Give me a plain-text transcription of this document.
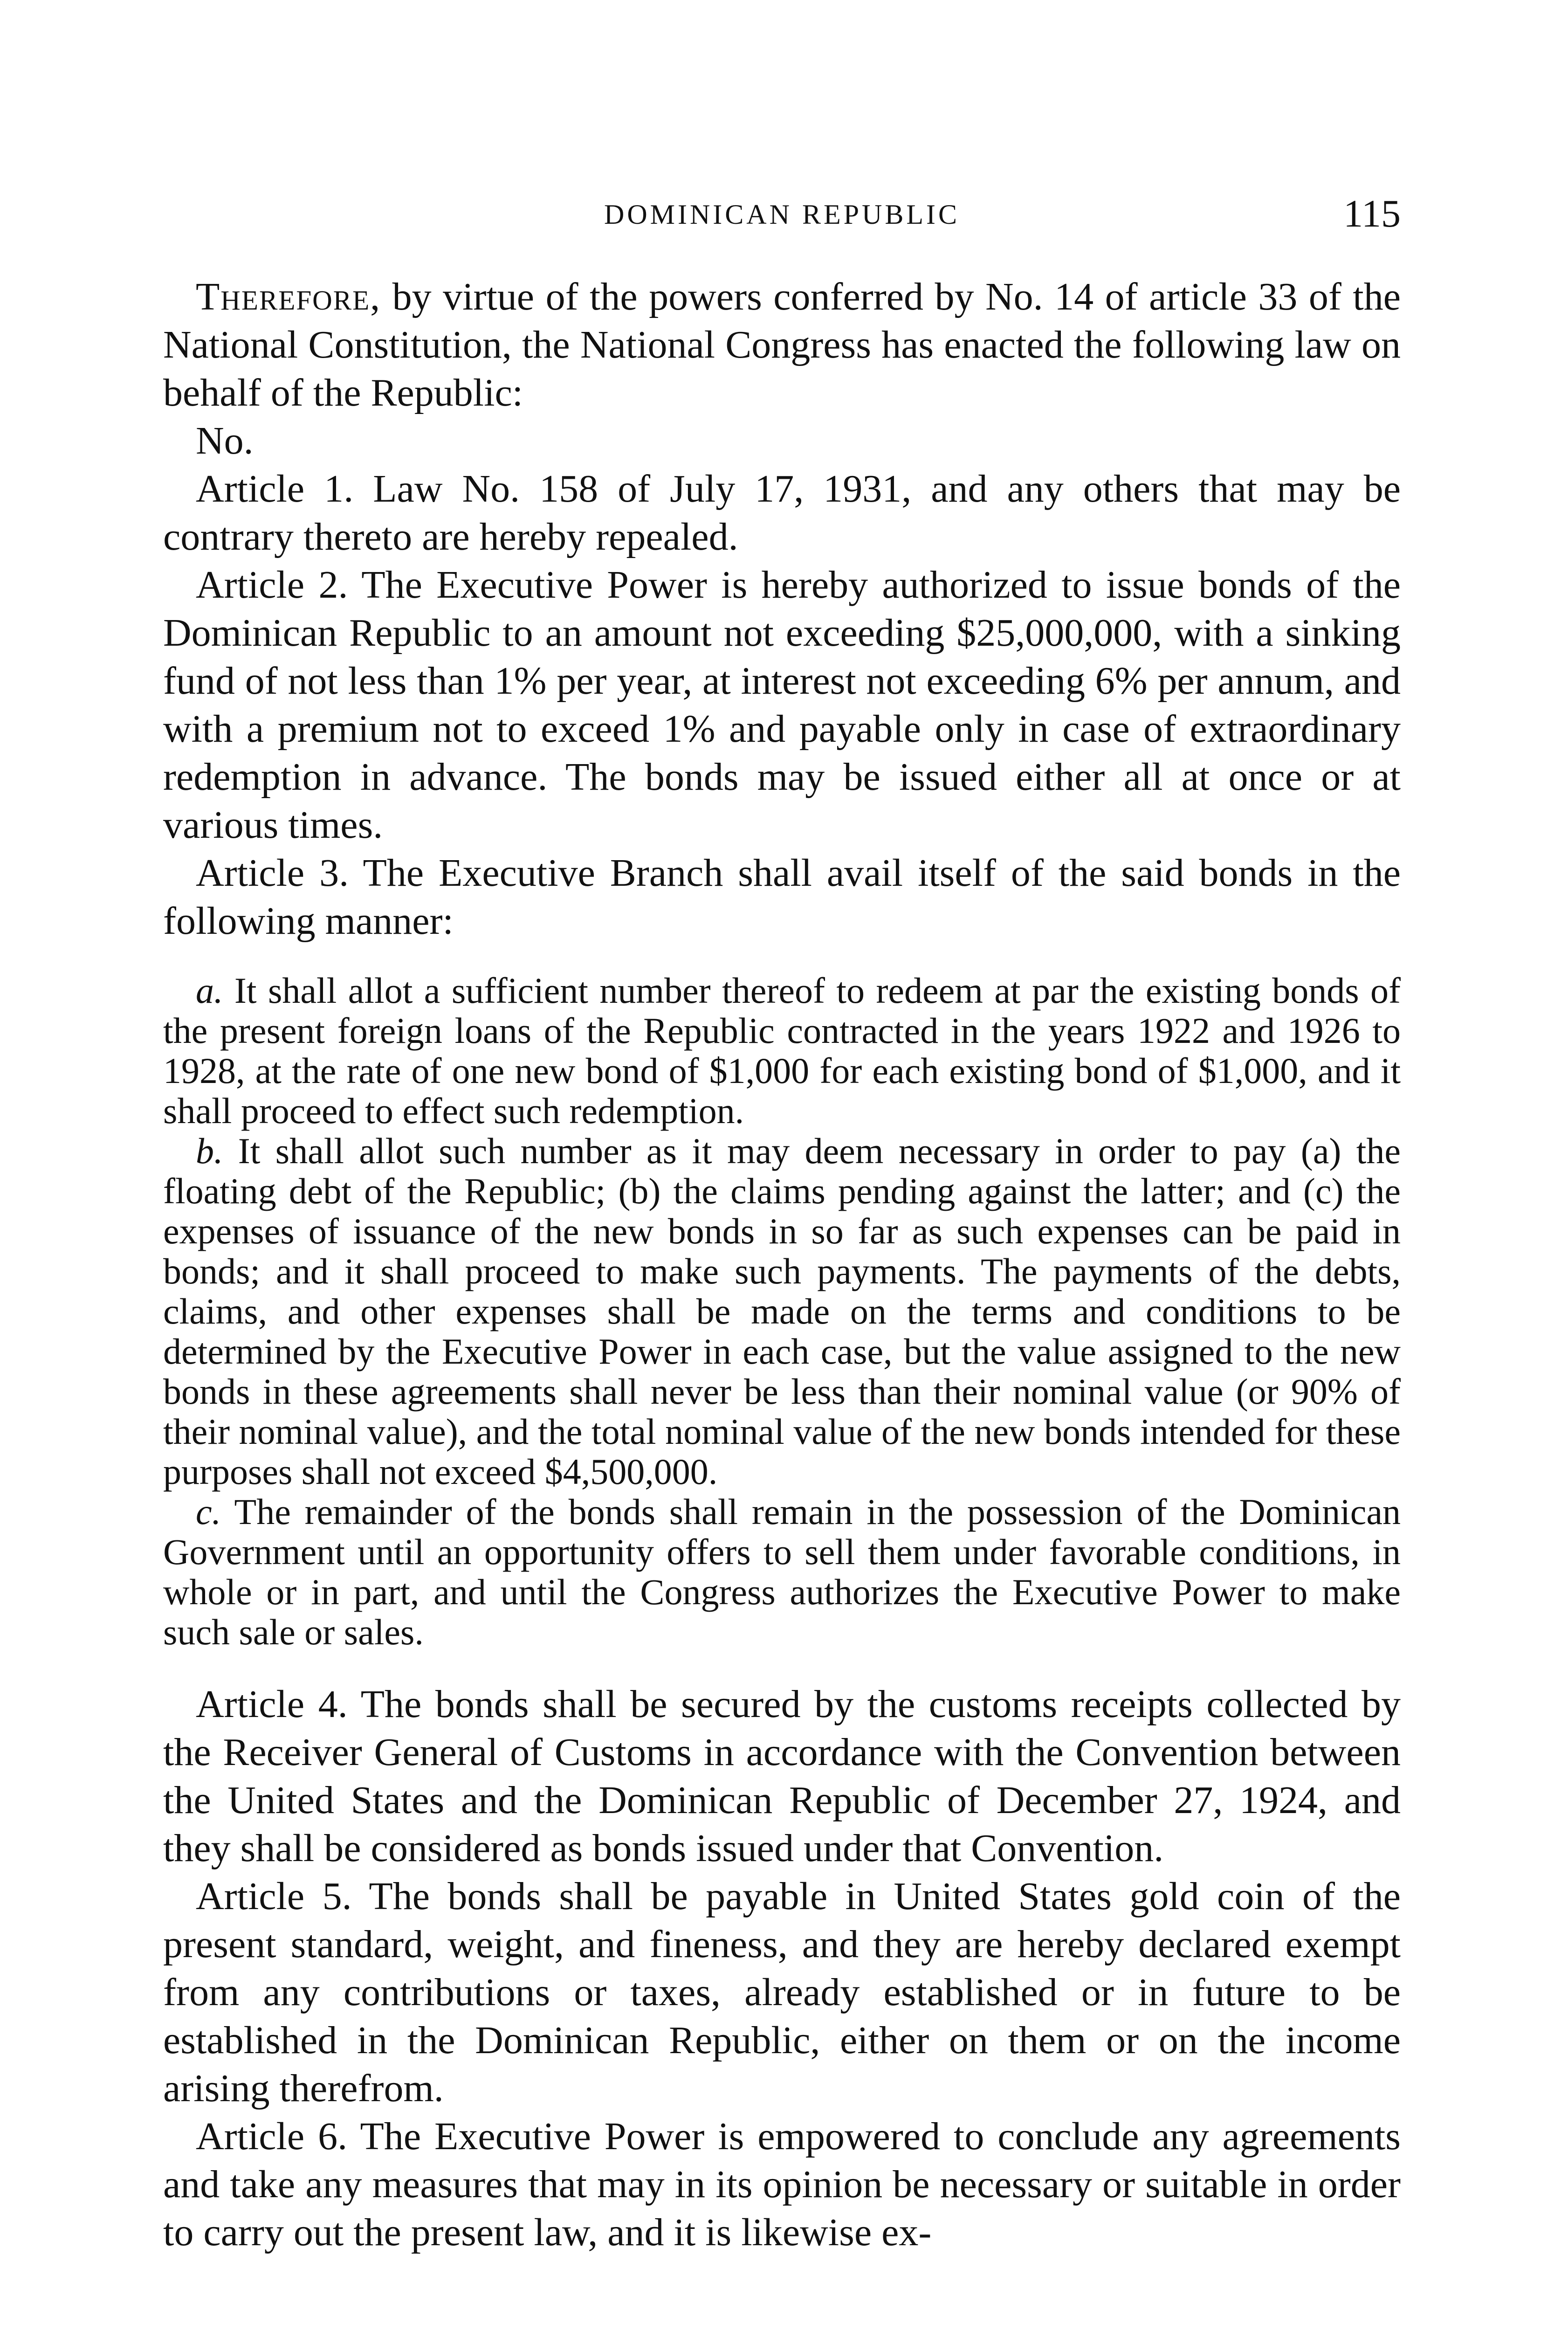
DOMINICAN REPUBLIC	115

Therefore, by virtue of the powers conferred by No. 14 of article 33 of the National Constitution, the National Congress has enacted the following law on behalf of the Republic:

No.

Article 1. Law No. 158 of July 17, 1931, and any others that may be contrary thereto are hereby repealed.

Article 2. The Executive Power is hereby authorized to issue bonds of the Dominican Republic to an amount not exceeding $25,000,000, with a sinking fund of not less than 1% per year, at interest not exceeding 6% per annum, and with a premium not to exceed 1% and payable only in case of extraordinary redemption in advance. The bonds may be issued either all at once or at various times.

Article 3. The Executive Branch shall avail itself of the said bonds in the following manner:

a. It shall allot a sufficient number thereof to redeem at par the existing bonds of the present foreign loans of the Republic contracted in the years 1922 and 1926 to 1928, at the rate of one new bond of $1,000 for each existing bond of $1,000, and it shall proceed to effect such redemption.

b. It shall allot such number as it may deem necessary in order to pay (a) the floating debt of the Republic; (b) the claims pending against the latter; and (c) the expenses of issuance of the new bonds in so far as such expenses can be paid in bonds; and it shall proceed to make such payments. The payments of the debts, claims, and other expenses shall be made on the terms and conditions to be determined by the Executive Power in each case, but the value assigned to the new bonds in these agreements shall never be less than their nominal value (or 90% of their nominal value), and the total nominal value of the new bonds intended for these purposes shall not exceed $4,500,000.

c. The remainder of the bonds shall remain in the possession of the Dominican Government until an opportunity offers to sell them under favorable conditions, in whole or in part, and until the Congress authorizes the Executive Power to make such sale or sales.

Article 4. The bonds shall be secured by the customs receipts collected by the Receiver General of Customs in accordance with the Convention between the United States and the Dominican Republic of December 27, 1924, and they shall be considered as bonds issued under that Convention.

Article 5. The bonds shall be payable in United States gold coin of the present standard, weight, and fineness, and they are hereby declared exempt from any contributions or taxes, already established or in future to be established in the Dominican Republic, either on them or on the income arising therefrom.

Article 6. The Executive Power is empowered to conclude any agreements and take any measures that may in its opinion be necessary or suitable in order to carry out the present law, and it is likewise ex-
